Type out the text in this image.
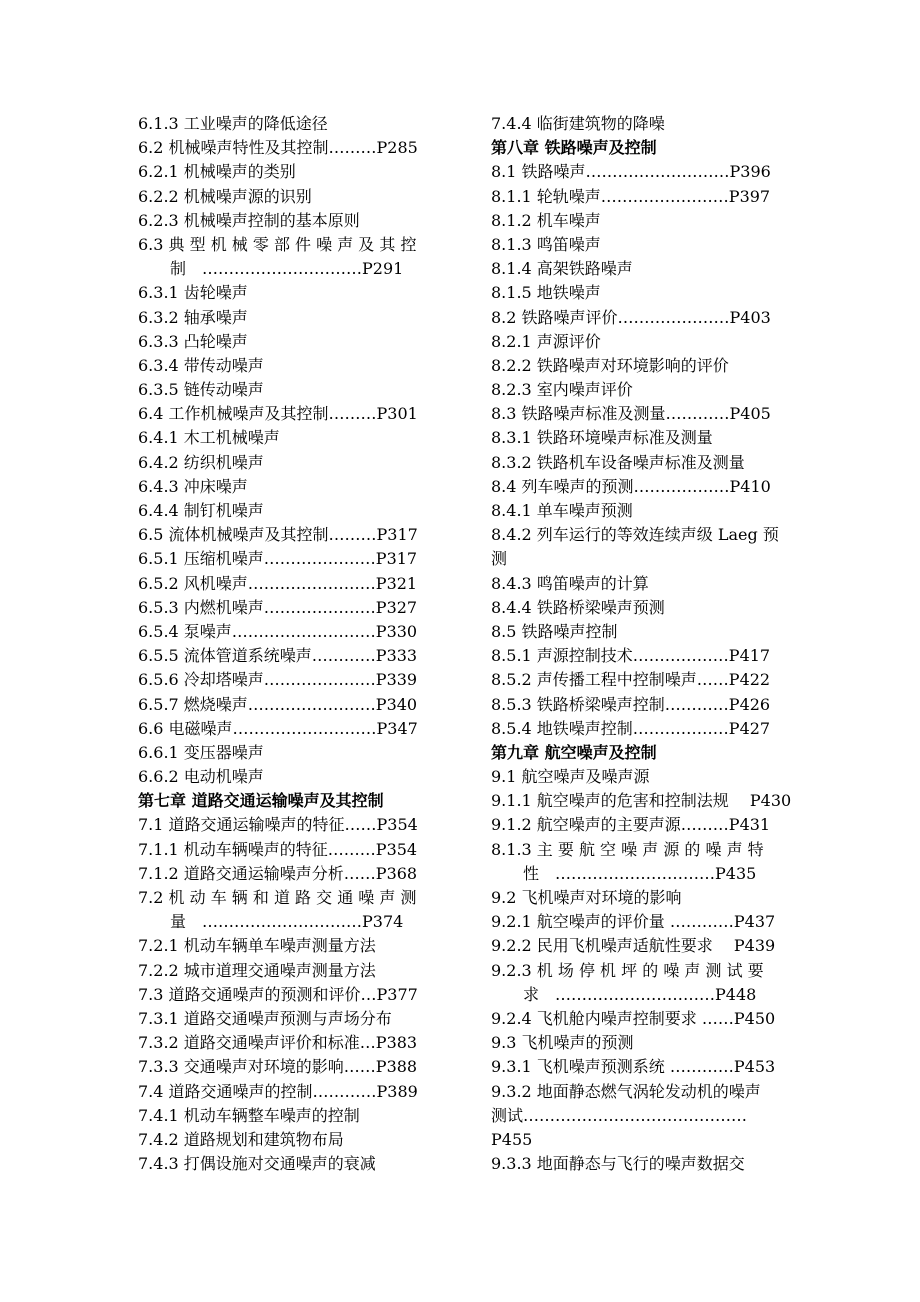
6.1.3 工业噪声的降低途径
6.2 机械噪声特性及其控制………P285
6.2.1 机械噪声的类别
6.2.2 机械噪声源的识别
6.2.3 机械噪声控制的基本原则
6.3 典 型 机 械 零 部 件 噪 声 及 其 控
　　制　…………………………P291
6.3.1 齿轮噪声
6.3.2 轴承噪声
6.3.3 凸轮噪声
6.3.4 带传动噪声
6.3.5 链传动噪声
6.4 工作机械噪声及其控制………P301
6.4.1 木工机械噪声
6.4.2 纺织机噪声
6.4.3 冲床噪声
6.4.4 制钉机噪声
6.5 流体机械噪声及其控制………P317
6.5.1 压缩机噪声…………………P317
6.5.2 风机噪声……………………P321
6.5.3 内燃机噪声…………………P327
6.5.4 泵噪声………………………P330
6.5.5 流体管道系统噪声…………P333
6.5.6 冷却塔噪声…………………P339
6.5.7 燃烧噪声……………………P340
6.6 电磁噪声………………………P347
6.6.1 变压器噪声
6.6.2 电动机噪声
第七章 道路交通运输噪声及其控制
7.1 道路交通运输噪声的特征……P354
7.1.1 机动车辆噪声的特征………P354
7.1.2 道路交通运输噪声分析……P368
7.2 机 动 车 辆 和 道 路 交 通 噪 声 测
　　量　…………………………P374
7.2.1 机动车辆单车噪声测量方法
7.2.2 城市道理交通噪声测量方法
7.3 道路交通噪声的预测和评价…P377
7.3.1 道路交通噪声预测与声场分布
7.3.2 道路交通噪声评价和标准…P383
7.3.3 交通噪声对环境的影响……P388
7.4 道路交通噪声的控制…………P389
7.4.1 机动车辆整车噪声的控制
7.4.2 道路规划和建筑物布局
7.4.3 打偶设施对交通噪声的衰减
7.4.4 临街建筑物的降噪
第八章 铁路噪声及控制
8.1 铁路噪声………………………P396
8.1.1 轮轨噪声……………………P397
8.1.2 机车噪声
8.1.3 鸣笛噪声
8.1.4 高架铁路噪声
8.1.5 地铁噪声
8.2 铁路噪声评价…………………P403
8.2.1 声源评价
8.2.2 铁路噪声对环境影响的评价
8.2.3 室内噪声评价
8.3 铁路噪声标准及测量…………P405
8.3.1 铁路环境噪声标准及测量
8.3.2 铁路机车设备噪声标准及测量
8.4 列车噪声的预测………………P410
8.4.1 单车噪声预测
8.4.2 列车运行的等效连续声级 Laeg 预
测
8.4.3 鸣笛噪声的计算
8.4.4 铁路桥梁噪声预测
8.5 铁路噪声控制
8.5.1 声源控制技术………………P417
8.5.2 声传播工程中控制噪声……P422
8.5.3 铁路桥梁噪声控制…………P426
8.5.4 地铁噪声控制………………P427
第九章 航空噪声及控制
9.1 航空噪声及噪声源
9.1.1 航空噪声的危害和控制法规　 P430
9.1.2 航空噪声的主要声源………P431
8.1.3 主 要 航 空 噪 声 源 的 噪 声 特
　　性　…………………………P435
9.2 飞机噪声对环境的影响
9.2.1 航空噪声的评价量 …………P437
9.2.2 民用飞机噪声适航性要求　 P439
9.2.3 机 场 停 机 坪 的 噪 声 测 试 要
　　求　…………………………P448
9.2.4 飞机舱内噪声控制要求 ……P450
9.3 飞机噪声的预测
9.3.1 飞机噪声预测系统 …………P453
9.3.2 地面静态燃气涡轮发动机的噪声
测试……………………………………
P455
9.3.3 地面静态与飞行的噪声数据交
